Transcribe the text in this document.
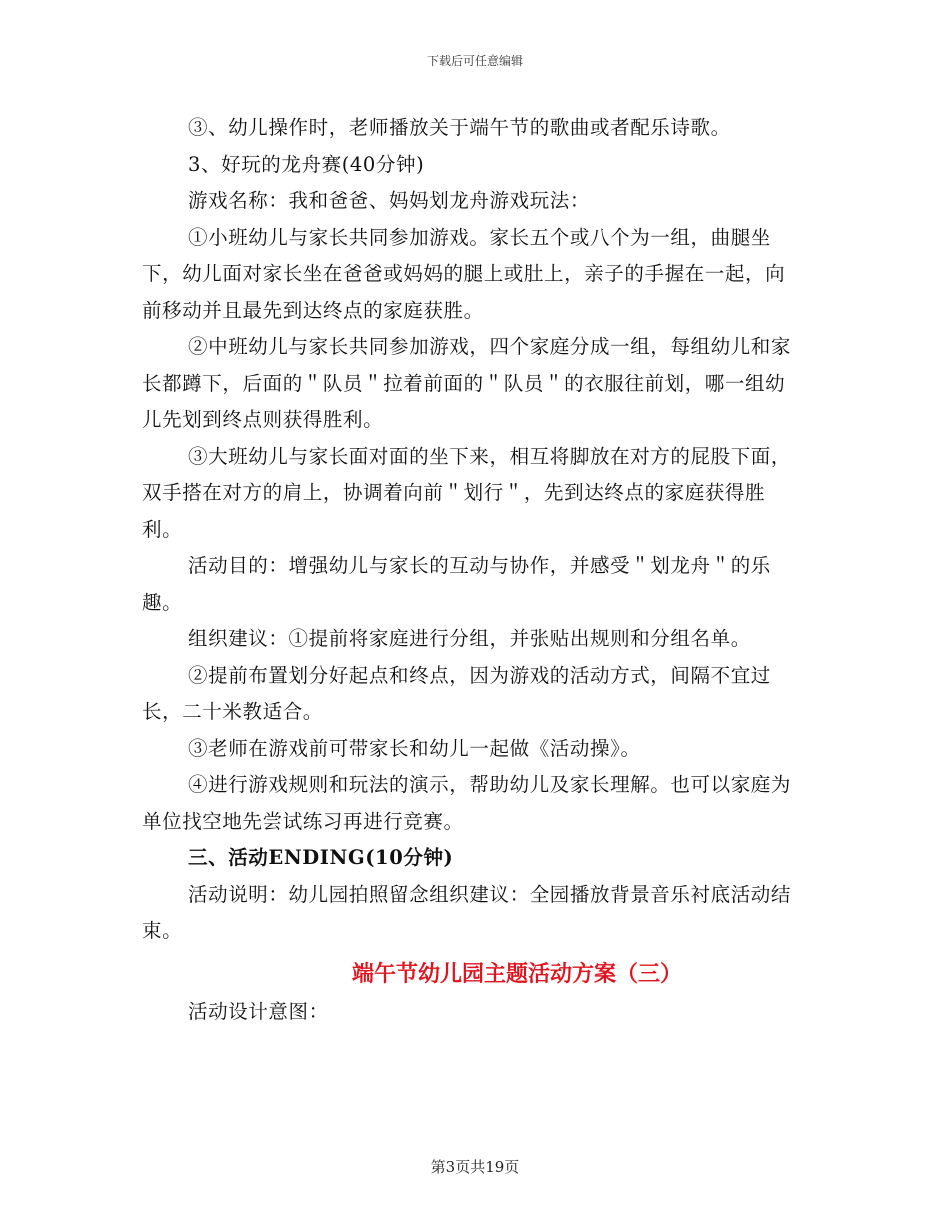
下载后可任意编辑

③、幼儿操作时，老师播放关于端午节的歌曲或者配乐诗歌。

3、好玩的龙舟赛(40分钟)

游戏名称：我和爸爸、妈妈划龙舟游戏玩法：

①小班幼儿与家长共同参加游戏。家长五个或八个为一组，曲腿坐下，幼儿面对家长坐在爸爸或妈妈的腿上或肚上，亲子的手握在一起，向前移动并且最先到达终点的家庭获胜。

②中班幼儿与家长共同参加游戏，四个家庭分成一组，每组幼儿和家长都蹲下，后面的＂队员＂拉着前面的＂队员＂的衣服往前划，哪一组幼儿先划到终点则获得胜利。

③大班幼儿与家长面对面的坐下来，相互将脚放在对方的屁股下面，双手搭在对方的肩上，协调着向前＂划行＂，先到达终点的家庭获得胜利。

活动目的：增强幼儿与家长的互动与协作，并感受＂划龙舟＂的乐趣。

组织建议：①提前将家庭进行分组，并张贴出规则和分组名单。

②提前布置划分好起点和终点，因为游戏的活动方式，间隔不宜过长，二十米教适合。

③老师在游戏前可带家长和幼儿一起做《活动操》。

④进行游戏规则和玩法的演示，帮助幼儿及家长理解。也可以家庭为单位找空地先尝试练习再进行竞赛。

三、活动ENDING(10分钟)

活动说明：幼儿园拍照留念组织建议：全园播放背景音乐衬底活动结束。

端午节幼儿园主题活动方案（三）

活动设计意图：

第3页共19页
